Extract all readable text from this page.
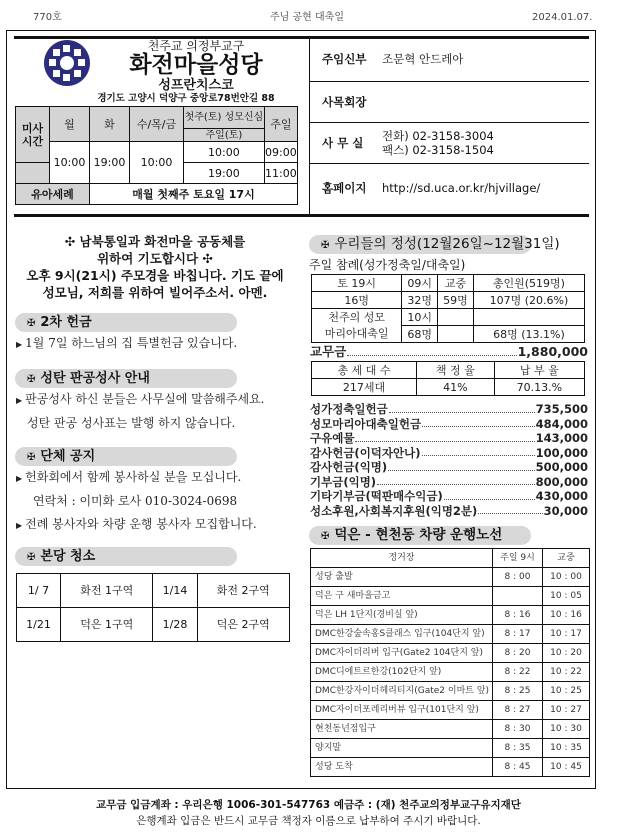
770호	주님 공현 대축일	2024.01.07.
천주교 의정부교구
화전마을성당
성프란치스코
경기도 고양시 덕양구 중앙로78번안길 88
미사 시간	월	화	수/목/금	첫주(토) 성모신심	주일
				주일(토)	
	10:00	19:00	10:00	10:00	09:00
				19:00	11:00
유아세례		매월 첫째주 토요일 17시			
주임신부	조문혁 안드레아
사목회장
사 무 실	전화) 02-3158-3004
팩스) 02-3158-1504
홈페이지	http://sd.uca.or.kr/hjvillage/
✣ 남북통일과 화전마을 공동체를
위하여 기도합시다 ✣
오후 9시(21시) 주모경을 바칩니다. 기도 끝에
성모님, 저희를 위하여 빌어주소서. 아멘.
✠ 2차 헌금
▶ 1월 7일 하느님의 집 특별헌금 있습니다.
✠ 성탄 판공성사 안내
▶ 판공성사 하신 분들은 사무실에 말씀해주세요.
성탄 판공 성사표는 발행 하지 않습니다.
✠ 단체 공지
▶ 헌화회에서 함께 봉사하실 분을 모십니다.
연락처 : 이미화 로사 010-3024-0698
▶ 전례 봉사자와 차량 운행 봉사자 모집합니다.
✠ 본당 청소
1/ 7	화전 1구역	1/14	화전 2구역
1/21	덕은 1구역	1/28	덕은 2구역
✠ 우리들의 정성(12월26일~12월31일)
주일 참례(성가정축일/대축일)
토 19시	09시	교중	총인원(519명)
16명	32명	59명	107명 (20.6%)
천주의 성모	10시		
마리아대축일	68명		68명 (13.1%)
교무금	1,880,000
총 세 대 수	책 정 율	납 부 율
217세대	41%	70.13.%
성가정축일헌금	735,500
성모마리아대축일헌금	484,000
구유예물	143,000
감사헌금(이덕자안나)	100,000
감사헌금(익명)	500,000
기부금(익명)	800,000
기타기부금(떡판매수익금)	430,000
성소후원,사회복지후원(익명2분)	30,000
✠ 덕은 - 현천동 차량 운행노선
정거장	주일 9시	교중
성당 출발	8 : 00	10 : 00
덕은 구 새마을금고		10 : 05
덕은 LH 1단지(경비실 앞)	8 : 16	10 : 16
DMC한강숲속홍S클래스 입구(104단지 앞)	8 : 17	10 : 17
DMC자이더리버 입구(Gate2 104단지 앞)	8 : 20	10 : 20
DMC디에트르한강(102단지 앞)	8 : 22	10 : 22
DMC한강자이더헤리티지(Gate2 이마트 앞)	8 : 25	10 : 25
DMC자이더포레리버뷰 입구(101단지 앞)	8 : 27	10 : 27
현천동넌점입구	8 : 30	10 : 30
양지말	8 : 35	10 : 35
성당 도착	8 : 45	10 : 45
교무금 입금계좌 : 우리은행 1006-301-547763 예금주 : (재) 천주교의정부교구유지재단
은행계좌 입금은 반드시 교무금 책정자 이름으로 납부하여 주시기 바랍니다.
